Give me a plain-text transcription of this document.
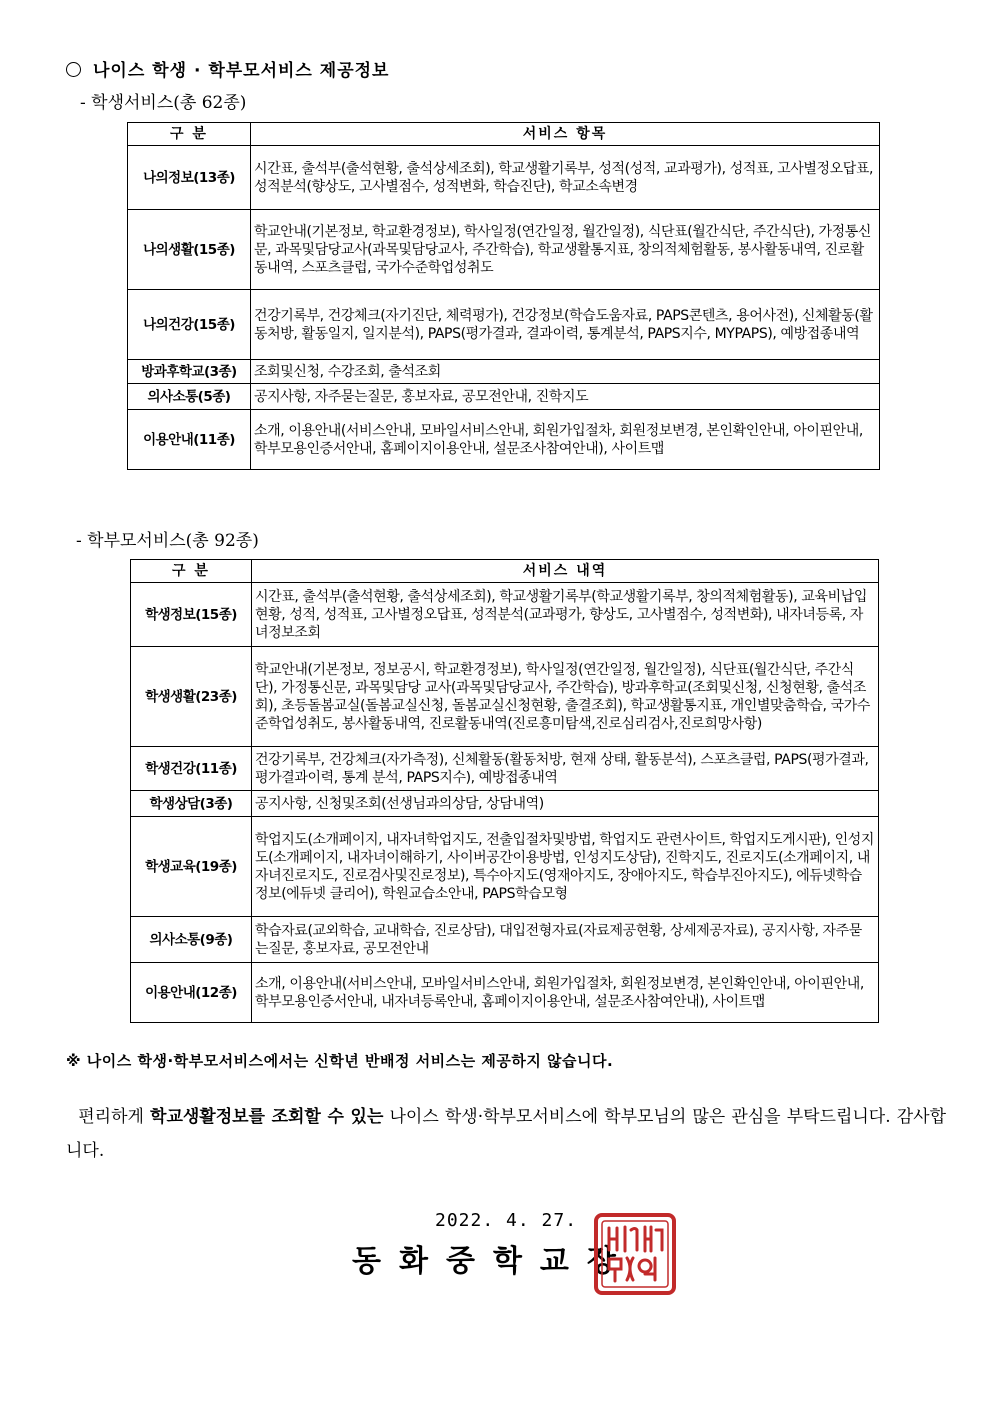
나이스 학생 · 학부모서비스 제공정보
- 학생서비스(총 62종)
구 분	서비스 항목
나의정보(13종)	시간표, 출석부(출석현황, 출석상세조회), 학교생활기록부, 성적(성적, 교과평가), 성적표, 고사별정오답표, 성적분석(향상도, 고사별점수, 성적변화, 학습진단), 학교소속변경
나의생활(15종)	학교안내(기본정보, 학교환경정보), 학사일정(연간일정, 월간일정), 식단표(월간식단, 주간식단), 가정통신문, 과목및담당교사(과목및담당교사, 주간학습), 학교생활통지표, 창의적체험활동, 봉사활동내역, 진로활동내역, 스포츠클럽, 국가수준학업성취도
나의건강(15종)	건강기록부, 건강체크(자기진단, 체력평가), 건강정보(학습도움자료, PAPS콘텐츠, 용어사전), 신체활동(활동처방, 활동일지, 일지분석), PAPS(평가결과, 결과이력, 통계분석, PAPS지수, MYPAPS), 예방접종내역
방과후학교(3종)	조회및신청, 수강조회, 출석조회
의사소통(5종)	공지사항, 자주묻는질문, 홍보자료, 공모전안내, 진학지도
이용안내(11종)	소개, 이용안내(서비스안내, 모바일서비스안내, 회원가입절차, 회원정보변경, 본인확인안내, 아이핀안내, 학부모용인증서안내, 홈페이지이용안내, 설문조사참여안내), 사이트맵
- 학부모서비스(총 92종)
구 분	서비스 내역
학생정보(15종)	시간표, 출석부(출석현황, 출석상세조회), 학교생활기록부(학교생활기록부, 창의적체험활동), 교육비납입현황, 성적, 성적표, 고사별정오답표, 성적분석(교과평가, 향상도, 고사별점수, 성적변화), 내자녀등록, 자녀정보조회
학생생활(23종)	학교안내(기본정보, 정보공시, 학교환경정보), 학사일정(연간일정, 월간일정), 식단표(월간식단, 주간식단), 가정통신문, 과목및담당 교사(과목및담당교사, 주간학습), 방과후학교(조회및신청, 신청현황, 출석조회), 초등돌봄교실(돌봄교실신청, 돌봄교실신청현황, 출결조회), 학교생활통지표, 개인별맞춤학습, 국가수준학업성취도, 봉사활동내역, 진로활동내역(진로흥미탐색,진로심리검사,진로희망사항)
학생건강(11종)	건강기록부, 건강체크(자가측정), 신체활동(활동처방, 현재 상태, 활동분석), 스포츠클럽, PAPS(평가결과, 평가결과이력, 통계 분석, PAPS지수), 예방접종내역
학생상담(3종)	공지사항, 신청및조회(선생님과의상담, 상담내역)
학생교육(19종)	학업지도(소개페이지, 내자녀학업지도, 전출입절차및방법, 학업지도 관련사이트, 학업지도게시판), 인성지도(소개페이지, 내자녀이해하기, 사이버공간이용방법, 인성지도상담), 진학지도, 진로지도(소개페이지, 내자녀진로지도, 진로검사및진로정보), 특수아지도(영재아지도, 장애아지도, 학습부진아지도), 에듀넷학습정보(에듀넷 클리어), 학원교습소안내, PAPS학습모형
의사소통(9종)	학습자료(교외학습, 교내학습, 진로상담), 대입전형자료(자료제공현황, 상세제공자료), 공지사항, 자주묻는질문, 홍보자료, 공모전안내
이용안내(12종)	소개, 이용안내(서비스안내, 모바일서비스안내, 회원가입절차, 회원정보변경, 본인확인안내, 아이핀안내, 학부모용인증서안내, 내자녀등록안내, 홈페이지이용안내, 설문조사참여안내), 사이트맵
※ 나이스 학생·학부모서비스에서는 신학년 반배정 서비스는 제공하지 않습니다.
편리하게 학교생활정보를 조회할 수 있는 나이스 학생·학부모서비스에 학부모님의 많은 관심을 부탁드립니다. 감사합니다.
2022. 4. 27.
동화중학교장
